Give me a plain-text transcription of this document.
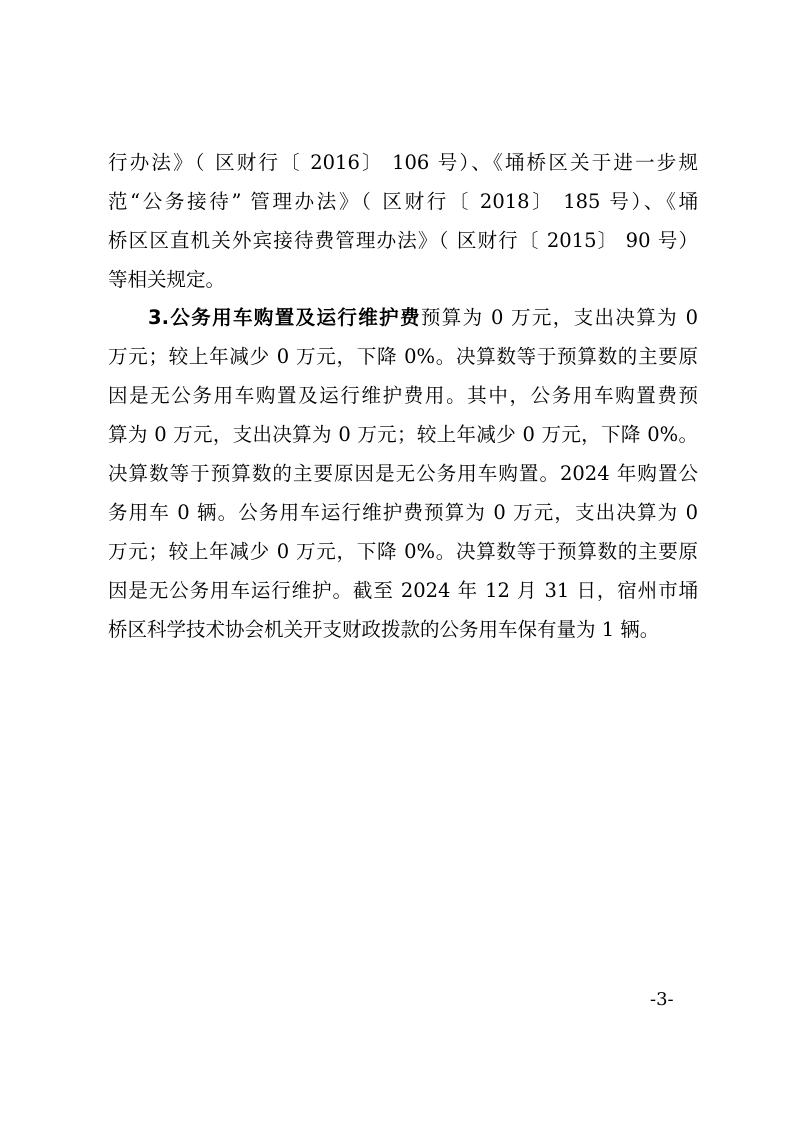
行办法》（ 区财行〔 2016〕 106 号）、《埇桥区关于进一步规
范“公务接待” 管理办法》（ 区财行〔 2018〕 185 号）、《埇
桥区区直机关外宾接待费管理办法》（ 区财行〔 2015〕 90 号）
等相关规定。
3.公务用车购置及运行维护费预算为 0 万元，支出决算为 0
万元；较上年减少 0 万元，下降 0%。决算数等于预算数的主要原
因是无公务用车购置及运行维护费用。其中，公务用车购置费预
算为 0 万元，支出决算为 0 万元；较上年减少 0 万元，下降 0%。
决算数等于预算数的主要原因是无公务用车购置。2024 年购置公
务用车 0 辆。公务用车运行维护费预算为 0 万元，支出决算为 0
万元；较上年减少 0 万元，下降 0%。决算数等于预算数的主要原
因是无公务用车运行维护。截至 2024 年 12 月 31 日，宿州市埇
桥区科学技术协会机关开支财政拨款的公务用车保有量为 1 辆。
-3-
